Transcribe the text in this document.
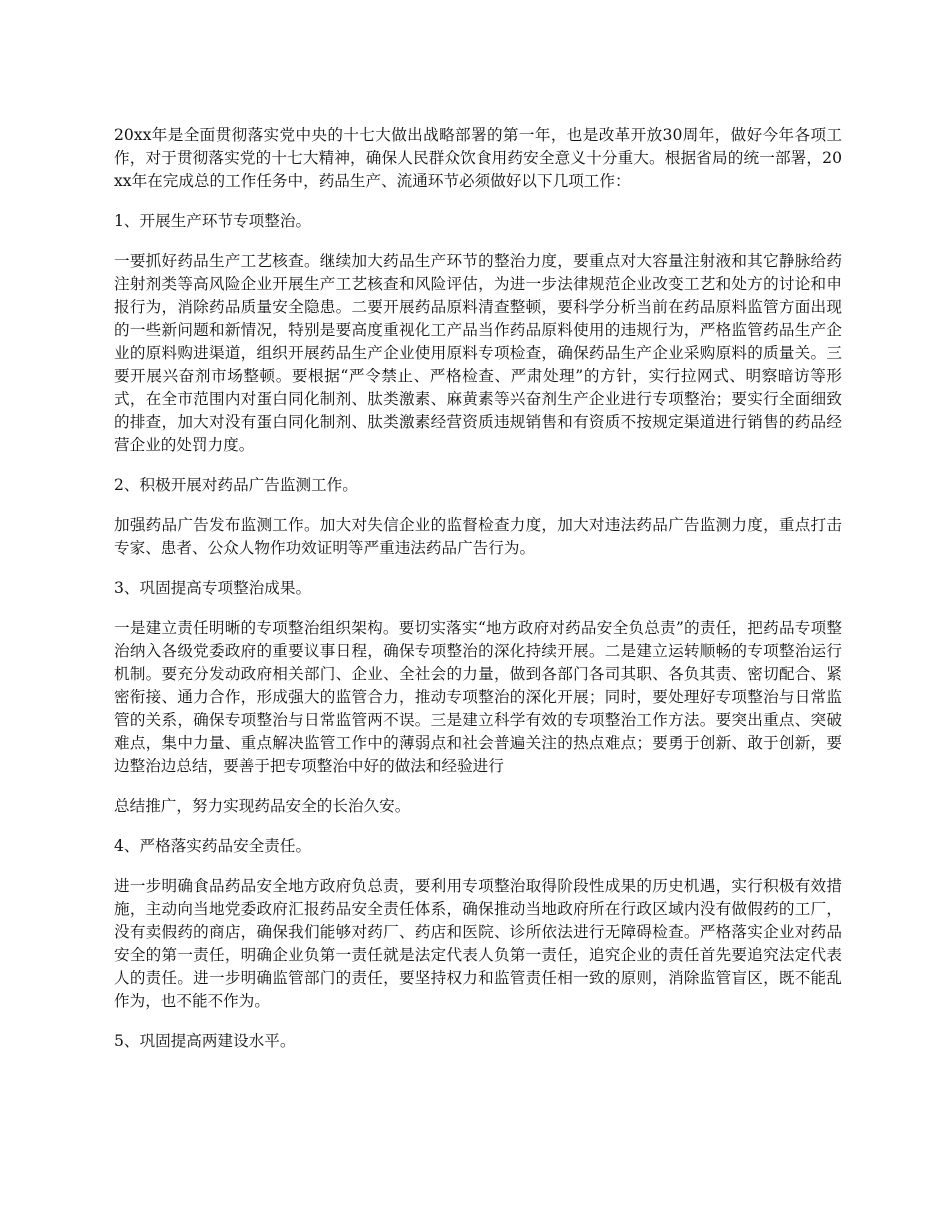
20xx年是全面贯彻落实党中央的十七大做出战略部署的第一年，也是改革开放30周年，做好今年各项工作，对于贯彻落实党的十七大精神，确保人民群众饮食用药安全意义十分重大。根据省局的统一部署，20xx年在完成总的工作任务中，药品生产、流通环节必须做好以下几项工作：

1、开展生产环节专项整治。

一要抓好药品生产工艺核查。继续加大药品生产环节的整治力度，要重点对大容量注射液和其它静脉给药注射剂类等高风险企业开展生产工艺核查和风险评估，为进一步法律规范企业改变工艺和处方的讨论和申报行为，消除药品质量安全隐患。二要开展药品原料清查整顿，要科学分析当前在药品原料监管方面出现的一些新问题和新情况，特别是要高度重视化工产品当作药品原料使用的违规行为，严格监管药品生产企业的原料购进渠道，组织开展药品生产企业使用原料专项检查，确保药品生产企业采购原料的质量关。三要开展兴奋剂市场整顿。要根据“严令禁止、严格检查、严肃处理”的方针，实行拉网式、明察暗访等形式，在全市范围内对蛋白同化制剂、肽类激素、麻黄素等兴奋剂生产企业进行专项整治；要实行全面细致的排查，加大对没有蛋白同化制剂、肽类激素经营资质违规销售和有资质不按规定渠道进行销售的药品经营企业的处罚力度。

2、积极开展对药品广告监测工作。

加强药品广告发布监测工作。加大对失信企业的监督检查力度，加大对违法药品广告监测力度，重点打击专家、患者、公众人物作功效证明等严重违法药品广告行为。

3、巩固提高专项整治成果。

一是建立责任明晰的专项整治组织架构。要切实落实“地方政府对药品安全负总责”的责任，把药品专项整治纳入各级党委政府的重要议事日程，确保专项整治的深化持续开展。二是建立运转顺畅的专项整治运行机制。要充分发动政府相关部门、企业、全社会的力量，做到各部门各司其职、各负其责、密切配合、紧密衔接、通力合作，形成强大的监管合力，推动专项整治的深化开展；同时，要处理好专项整治与日常监管的关系，确保专项整治与日常监管两不误。三是建立科学有效的专项整治工作方法。要突出重点、突破难点，集中力量、重点解决监管工作中的薄弱点和社会普遍关注的热点难点；要勇于创新、敢于创新，要边整治边总结，要善于把专项整治中好的做法和经验进行

总结推广，努力实现药品安全的长治久安。

4、严格落实药品安全责任。

进一步明确食品药品安全地方政府负总责，要利用专项整治取得阶段性成果的历史机遇，实行积极有效措施，主动向当地党委政府汇报药品安全责任体系，确保推动当地政府所在行政区域内没有做假药的工厂，没有卖假药的商店，确保我们能够对药厂、药店和医院、诊所依法进行无障碍检查。严格落实企业对药品安全的第一责任，明确企业负第一责任就是法定代表人负第一责任，追究企业的责任首先要追究法定代表人的责任。进一步明确监管部门的责任，要坚持权力和监管责任相一致的原则，消除监管盲区，既不能乱作为，也不能不作为。

5、巩固提高两建设水平。
